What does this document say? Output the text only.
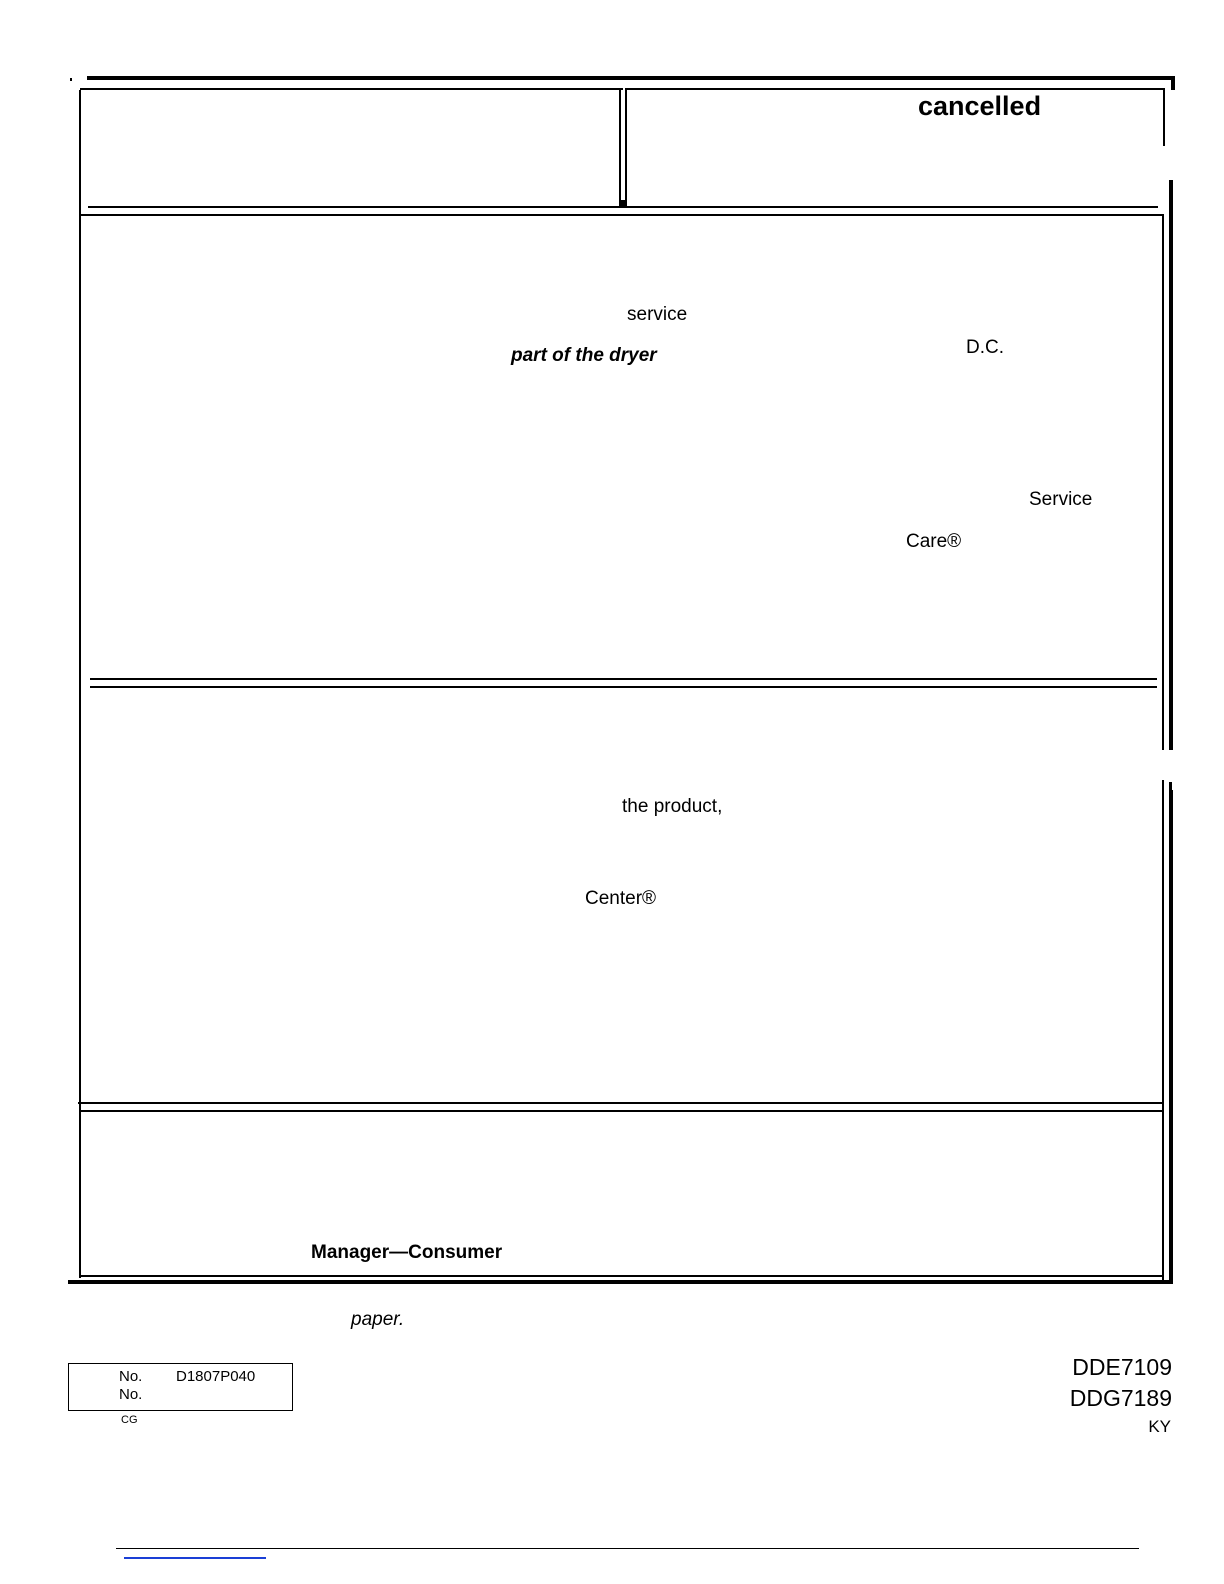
cancelled
service
part of the dryer	D.C.
Service
Care®
the product,
Center®
Manager—Consumer
paper.
No. D1807P040
No.
CG
DDE7109
DDG7189
KY
